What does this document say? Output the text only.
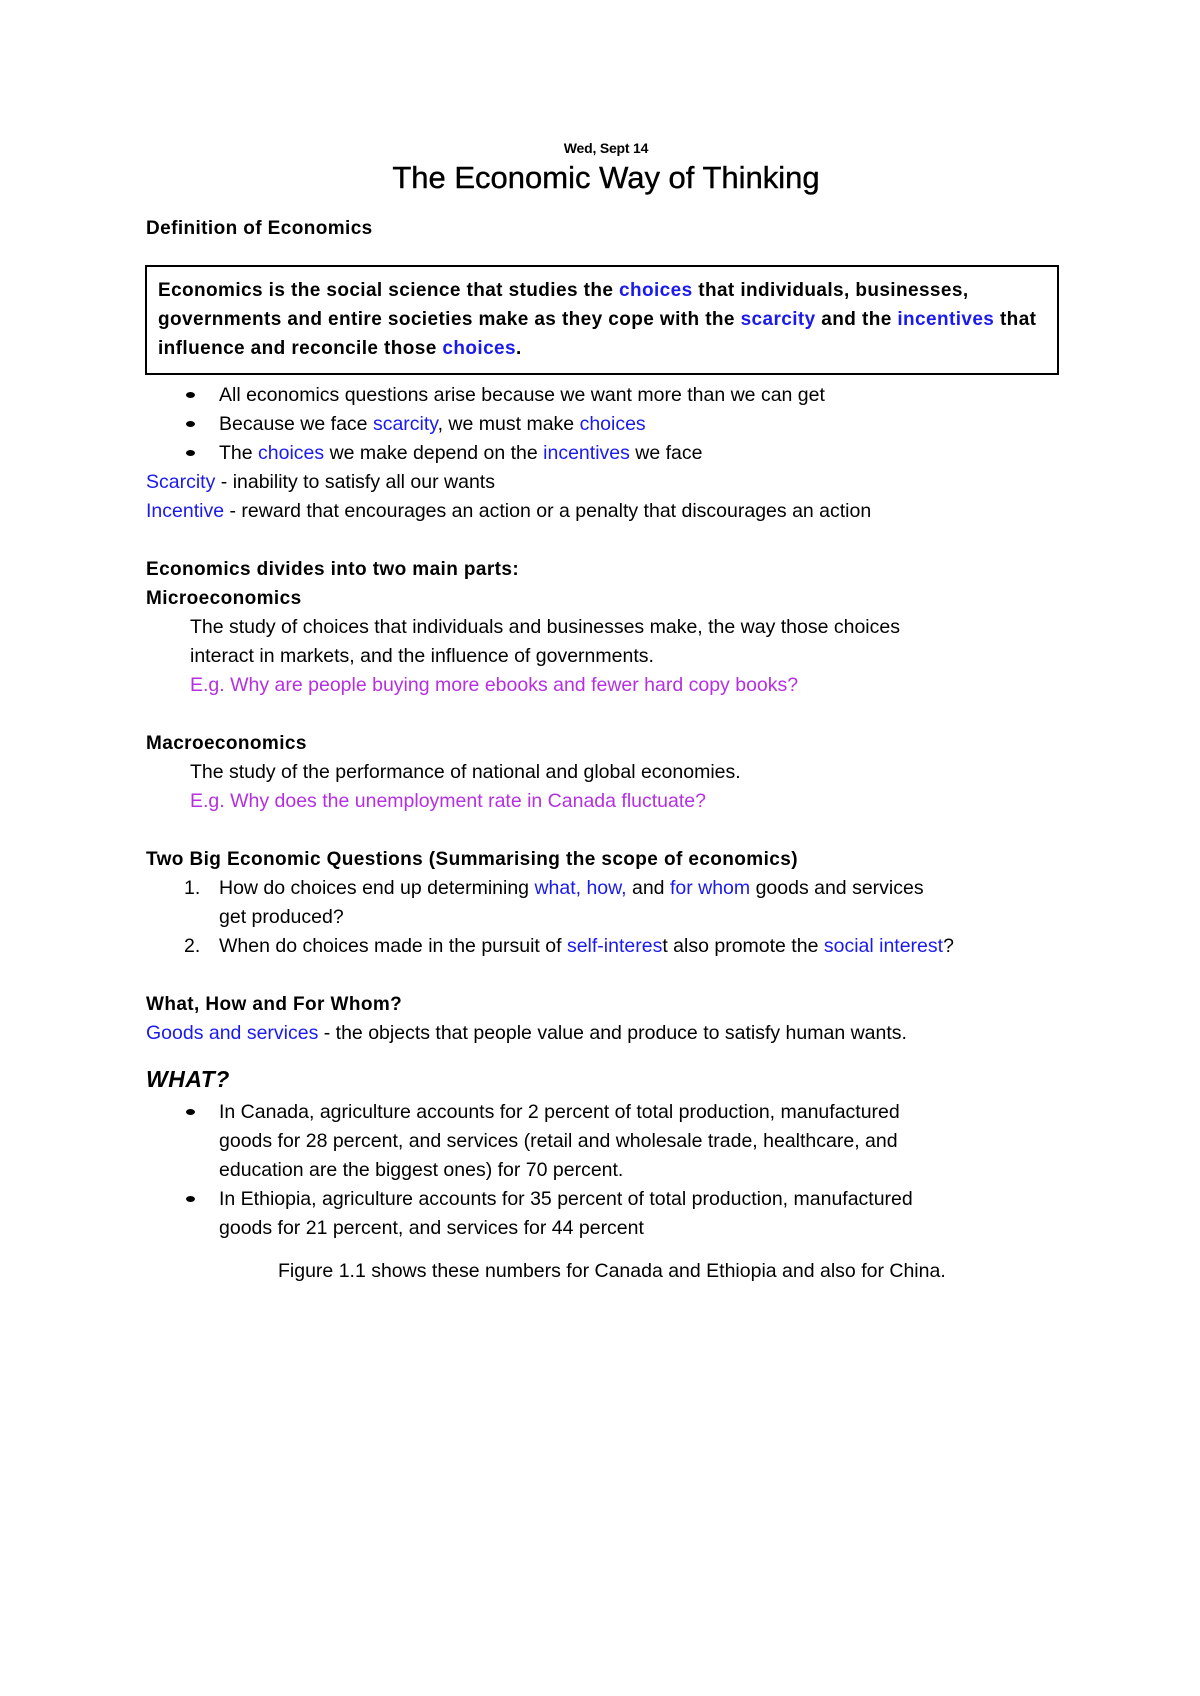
Wed, Sept 14
The Economic Way of Thinking
Definition of Economics
Economics is the social science that studies the choices that individuals, businesses, governments and entire societies make as they cope with the scarcity and the incentives that influence and reconcile those choices.
All economics questions arise because we want more than we can get
Because we face scarcity, we must make choices
The choices we make depend on the incentives we face
Scarcity - inability to satisfy all our wants
Incentive - reward that encourages an action or a penalty that discourages an action
Economics divides into two main parts:
Microeconomics
The study of choices that individuals and businesses make, the way those choices
interact in markets, and the influence of governments.
E.g. Why are people buying more ebooks and fewer hard copy books?
Macroeconomics
The study of the performance of national and global economies.
E.g. Why does the unemployment rate in Canada fluctuate?
Two Big Economic Questions (Summarising the scope of economics)
1. How do choices end up determining what, how, and for whom goods and services
get produced?
2. When do choices made in the pursuit of self-interest also promote the social interest?
What, How and For Whom?
Goods and services - the objects that people value and produce to satisfy human wants.
WHAT?
In Canada, agriculture accounts for 2 percent of total production, manufactured
goods for 28 percent, and services (retail and wholesale trade, healthcare, and
education are the biggest ones) for 70 percent.
In Ethiopia, agriculture accounts for 35 percent of total production, manufactured
goods for 21 percent, and services for 44 percent
Figure 1.1 shows these numbers for Canada and Ethiopia and also for China.
